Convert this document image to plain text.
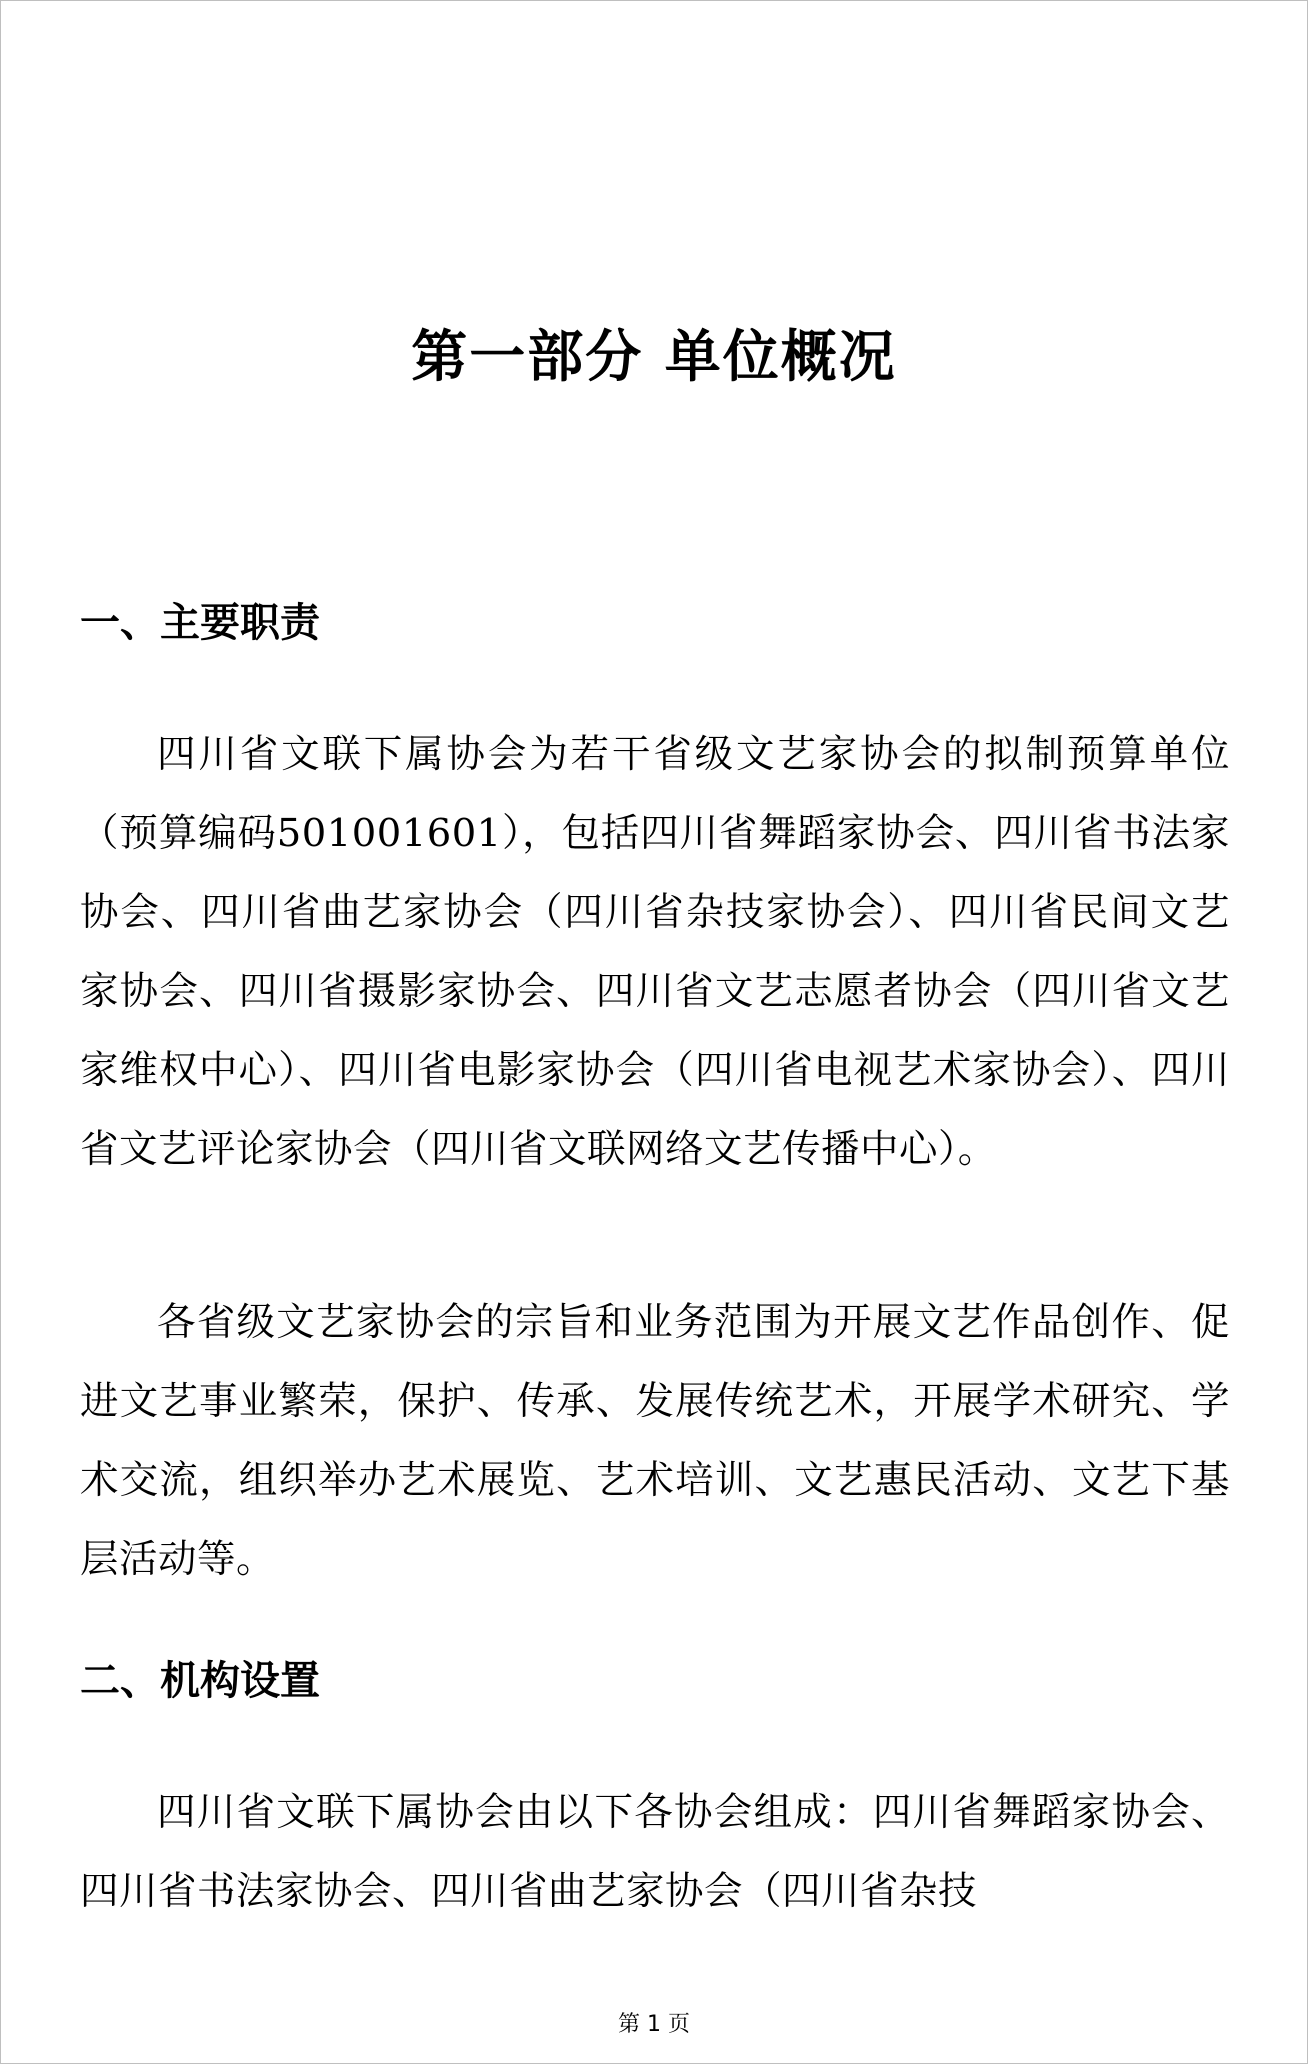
第一部分 单位概况
一、主要职责

四川省文联下属协会为若干省级文艺家协会的拟制预算单位（预算编码501001601），包括四川省舞蹈家协会、四川省书法家协会、四川省曲艺家协会（四川省杂技家协会）、四川省民间文艺家协会、四川省摄影家协会、四川省文艺志愿者协会（四川省文艺家维权中心）、四川省电影家协会（四川省电视艺术家协会）、四川省文艺评论家协会（四川省文联网络文艺传播中心）。

各省级文艺家协会的宗旨和业务范围为开展文艺作品创作、促进文艺事业繁荣，保护、传承、发展传统艺术，开展学术研究、学术交流，组织举办艺术展览、艺术培训、文艺惠民活动、文艺下基层活动等。

二、机构设置

四川省文联下属协会由以下各协会组成：四川省舞蹈家协会、四川省书法家协会、四川省曲艺家协会（四川省杂技

第 1 页
